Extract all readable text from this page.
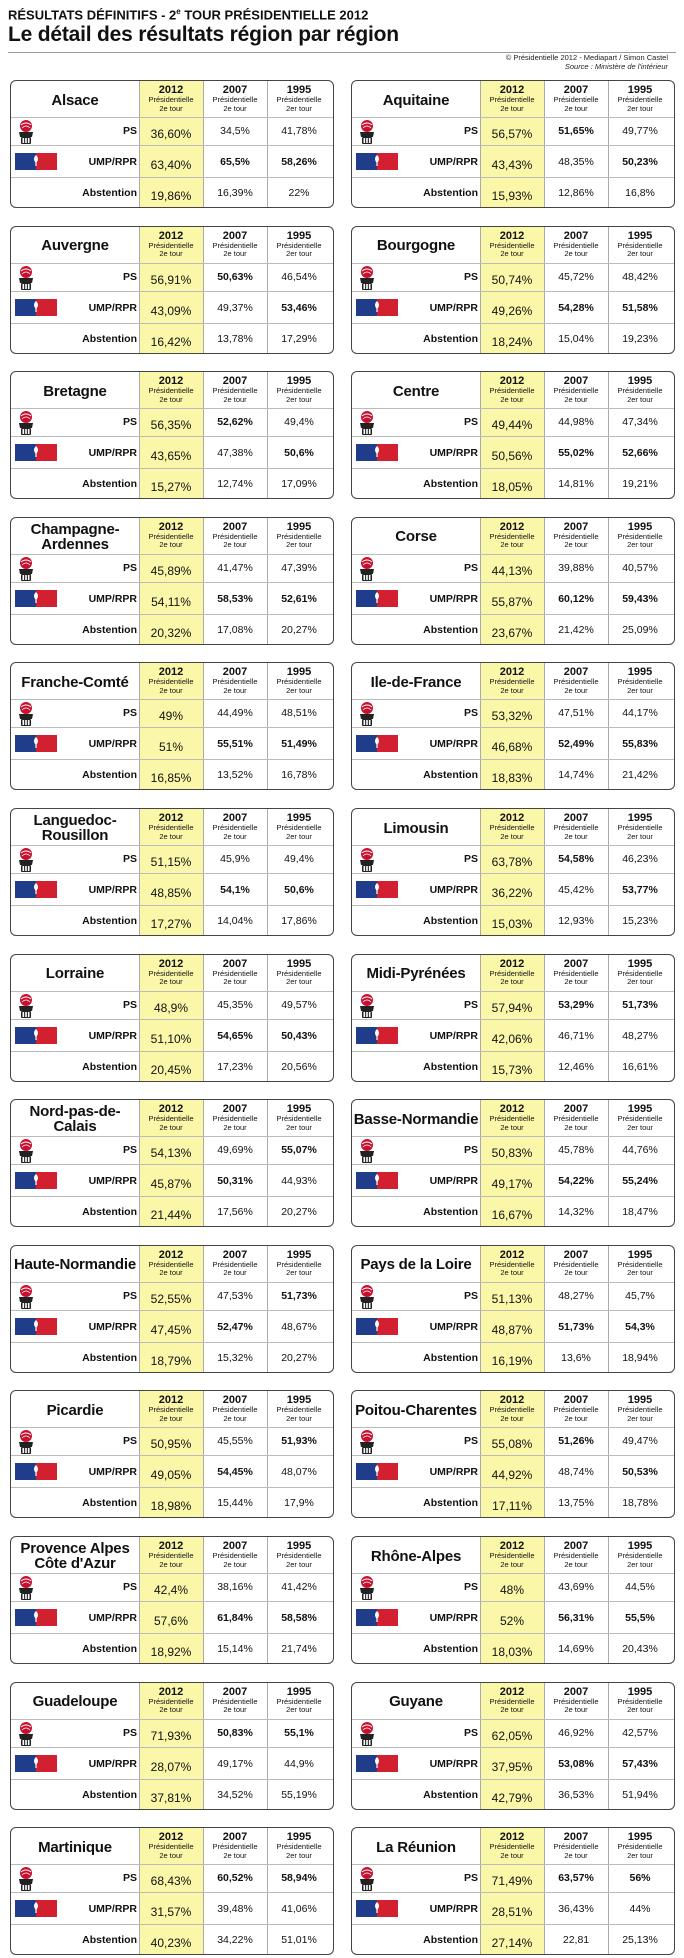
RÉSULTATS DÉFINITIFS - 2e TOUR PRÉSIDENTIELLE 2012
Le détail des résultats région par région
© Présidentielle 2012 - Mediapart / Simon Castel
Source : Ministère de l'intérieur
Alsace
2012
Présidentielle
2e tour
2007
Présidentielle
2e tour
1995
Présidentielle
2er tour
PS	36,60%	34,5%	41,78%
UMP/RPR	63,40%	65,5%	58,26%
Abstention	19,86%	16,39%	22%
Aquitaine
2012
Présidentielle
2e tour
2007
Présidentielle
2e tour
1995
Présidentielle
2er tour
PS	56,57%	51,65%	49,77%
UMP/RPR	43,43%	48,35%	50,23%
Abstention	15,93%	12,86%	16,8%
Auvergne
2012
Présidentielle
2e tour
2007
Présidentielle
2e tour
1995
Présidentielle
2er tour
PS	56,91%	50,63%	46,54%
UMP/RPR	43,09%	49,37%	53,46%
Abstention	16,42%	13,78%	17,29%
Bourgogne
2012
Présidentielle
2e tour
2007
Présidentielle
2e tour
1995
Présidentielle
2er tour
PS	50,74%	45,72%	48,42%
UMP/RPR	49,26%	54,28%	51,58%
Abstention	18,24%	15,04%	19,23%
Bretagne
2012
Présidentielle
2e tour
2007
Présidentielle
2e tour
1995
Présidentielle
2er tour
PS	56,35%	52,62%	49,4%
UMP/RPR	43,65%	47,38%	50,6%
Abstention	15,27%	12,74%	17,09%
Centre
2012
Présidentielle
2e tour
2007
Présidentielle
2e tour
1995
Présidentielle
2er tour
PS	49,44%	44,98%	47,34%
UMP/RPR	50,56%	55,02%	52,66%
Abstention	18,05%	14,81%	19,21%
Champagne-Ardennes
2012
Présidentielle
2e tour
2007
Présidentielle
2e tour
1995
Présidentielle
2er tour
PS	45,89%	41,47%	47,39%
UMP/RPR	54,11%	58,53%	52,61%
Abstention	20,32%	17,08%	20,27%
Corse
2012
Présidentielle
2e tour
2007
Présidentielle
2e tour
1995
Présidentielle
2er tour
PS	44,13%	39,88%	40,57%
UMP/RPR	55,87%	60,12%	59,43%
Abstention	23,67%	21,42%	25,09%
Franche-Comté
2012
Présidentielle
2e tour
2007
Présidentielle
2e tour
1995
Présidentielle
2er tour
PS	49%	44,49%	48,51%
UMP/RPR	51%	55,51%	51,49%
Abstention	16,85%	13,52%	16,78%
Ile-de-France
2012
Présidentielle
2e tour
2007
Présidentielle
2e tour
1995
Présidentielle
2er tour
PS	53,32%	47,51%	44,17%
UMP/RPR	46,68%	52,49%	55,83%
Abstention	18,83%	14,74%	21,42%
Languedoc-Rousillon
2012
Présidentielle
2e tour
2007
Présidentielle
2e tour
1995
Présidentielle
2er tour
PS	51,15%	45,9%	49,4%
UMP/RPR	48,85%	54,1%	50,6%
Abstention	17,27%	14,04%	17,86%
Limousin
2012
Présidentielle
2e tour
2007
Présidentielle
2e tour
1995
Présidentielle
2er tour
PS	63,78%	54,58%	46,23%
UMP/RPR	36,22%	45,42%	53,77%
Abstention	15,03%	12,93%	15,23%
Lorraine
2012
Présidentielle
2e tour
2007
Présidentielle
2e tour
1995
Présidentielle
2er tour
PS	48,9%	45,35%	49,57%
UMP/RPR	51,10%	54,65%	50,43%
Abstention	20,45%	17,23%	20,56%
Midi-Pyrénées
2012
Présidentielle
2e tour
2007
Présidentielle
2e tour
1995
Présidentielle
2er tour
PS	57,94%	53,29%	51,73%
UMP/RPR	42,06%	46,71%	48,27%
Abstention	15,73%	12,46%	16,61%
Nord-pas-de-Calais
2012
Présidentielle
2e tour
2007
Présidentielle
2e tour
1995
Présidentielle
2er tour
PS	54,13%	49,69%	55,07%
UMP/RPR	45,87%	50,31%	44,93%
Abstention	21,44%	17,56%	20,27%
Basse-Normandie
2012
Présidentielle
2e tour
2007
Présidentielle
2e tour
1995
Présidentielle
2er tour
PS	50,83%	45,78%	44,76%
UMP/RPR	49,17%	54,22%	55,24%
Abstention	16,67%	14,32%	18,47%
Haute-Normandie
2012
Présidentielle
2e tour
2007
Présidentielle
2e tour
1995
Présidentielle
2er tour
PS	52,55%	47,53%	51,73%
UMP/RPR	47,45%	52,47%	48,67%
Abstention	18,79%	15,32%	20,27%
Pays de la Loire
2012
Présidentielle
2e tour
2007
Présidentielle
2e tour
1995
Présidentielle
2er tour
PS	51,13%	48,27%	45,7%
UMP/RPR	48,87%	51,73%	54,3%
Abstention	16,19%	13,6%	18,94%
Picardie
2012
Présidentielle
2e tour
2007
Présidentielle
2e tour
1995
Présidentielle
2er tour
PS	50,95%	45,55%	51,93%
UMP/RPR	49,05%	54,45%	48,07%
Abstention	18,98%	15,44%	17,9%
Poitou-Charentes
2012
Présidentielle
2e tour
2007
Présidentielle
2e tour
1995
Présidentielle
2er tour
PS	55,08%	51,26%	49,47%
UMP/RPR	44,92%	48,74%	50,53%
Abstention	17,11%	13,75%	18,78%
Provence Alpes Côte d'Azur
2012
Présidentielle
2e tour
2007
Présidentielle
2e tour
1995
Présidentielle
2er tour
PS	42,4%	38,16%	41,42%
UMP/RPR	57,6%	61,84%	58,58%
Abstention	18,92%	15,14%	21,74%
Rhône-Alpes
2012
Présidentielle
2e tour
2007
Présidentielle
2e tour
1995
Présidentielle
2er tour
PS	48%	43,69%	44,5%
UMP/RPR	52%	56,31%	55,5%
Abstention	18,03%	14,69%	20,43%
Guadeloupe
2012
Présidentielle
2e tour
2007
Présidentielle
2e tour
1995
Présidentielle
2er tour
PS	71,93%	50,83%	55,1%
UMP/RPR	28,07%	49,17%	44,9%
Abstention	37,81%	34,52%	55,19%
Guyane
2012
Présidentielle
2e tour
2007
Présidentielle
2e tour
1995
Présidentielle
2er tour
PS	62,05%	46,92%	42,57%
UMP/RPR	37,95%	53,08%	57,43%
Abstention	42,79%	36,53%	51,94%
Martinique
2012
Présidentielle
2e tour
2007
Présidentielle
2e tour
1995
Présidentielle
2er tour
PS	68,43%	60,52%	58,94%
UMP/RPR	31,57%	39,48%	41,06%
Abstention	40,23%	34,22%	51,01%
La Réunion
2012
Présidentielle
2e tour
2007
Présidentielle
2e tour
1995
Présidentielle
2er tour
PS	71,49%	63,57%	56%
UMP/RPR	28,51%	36,43%	44%
Abstention	27,14%	22,81	25,13%
